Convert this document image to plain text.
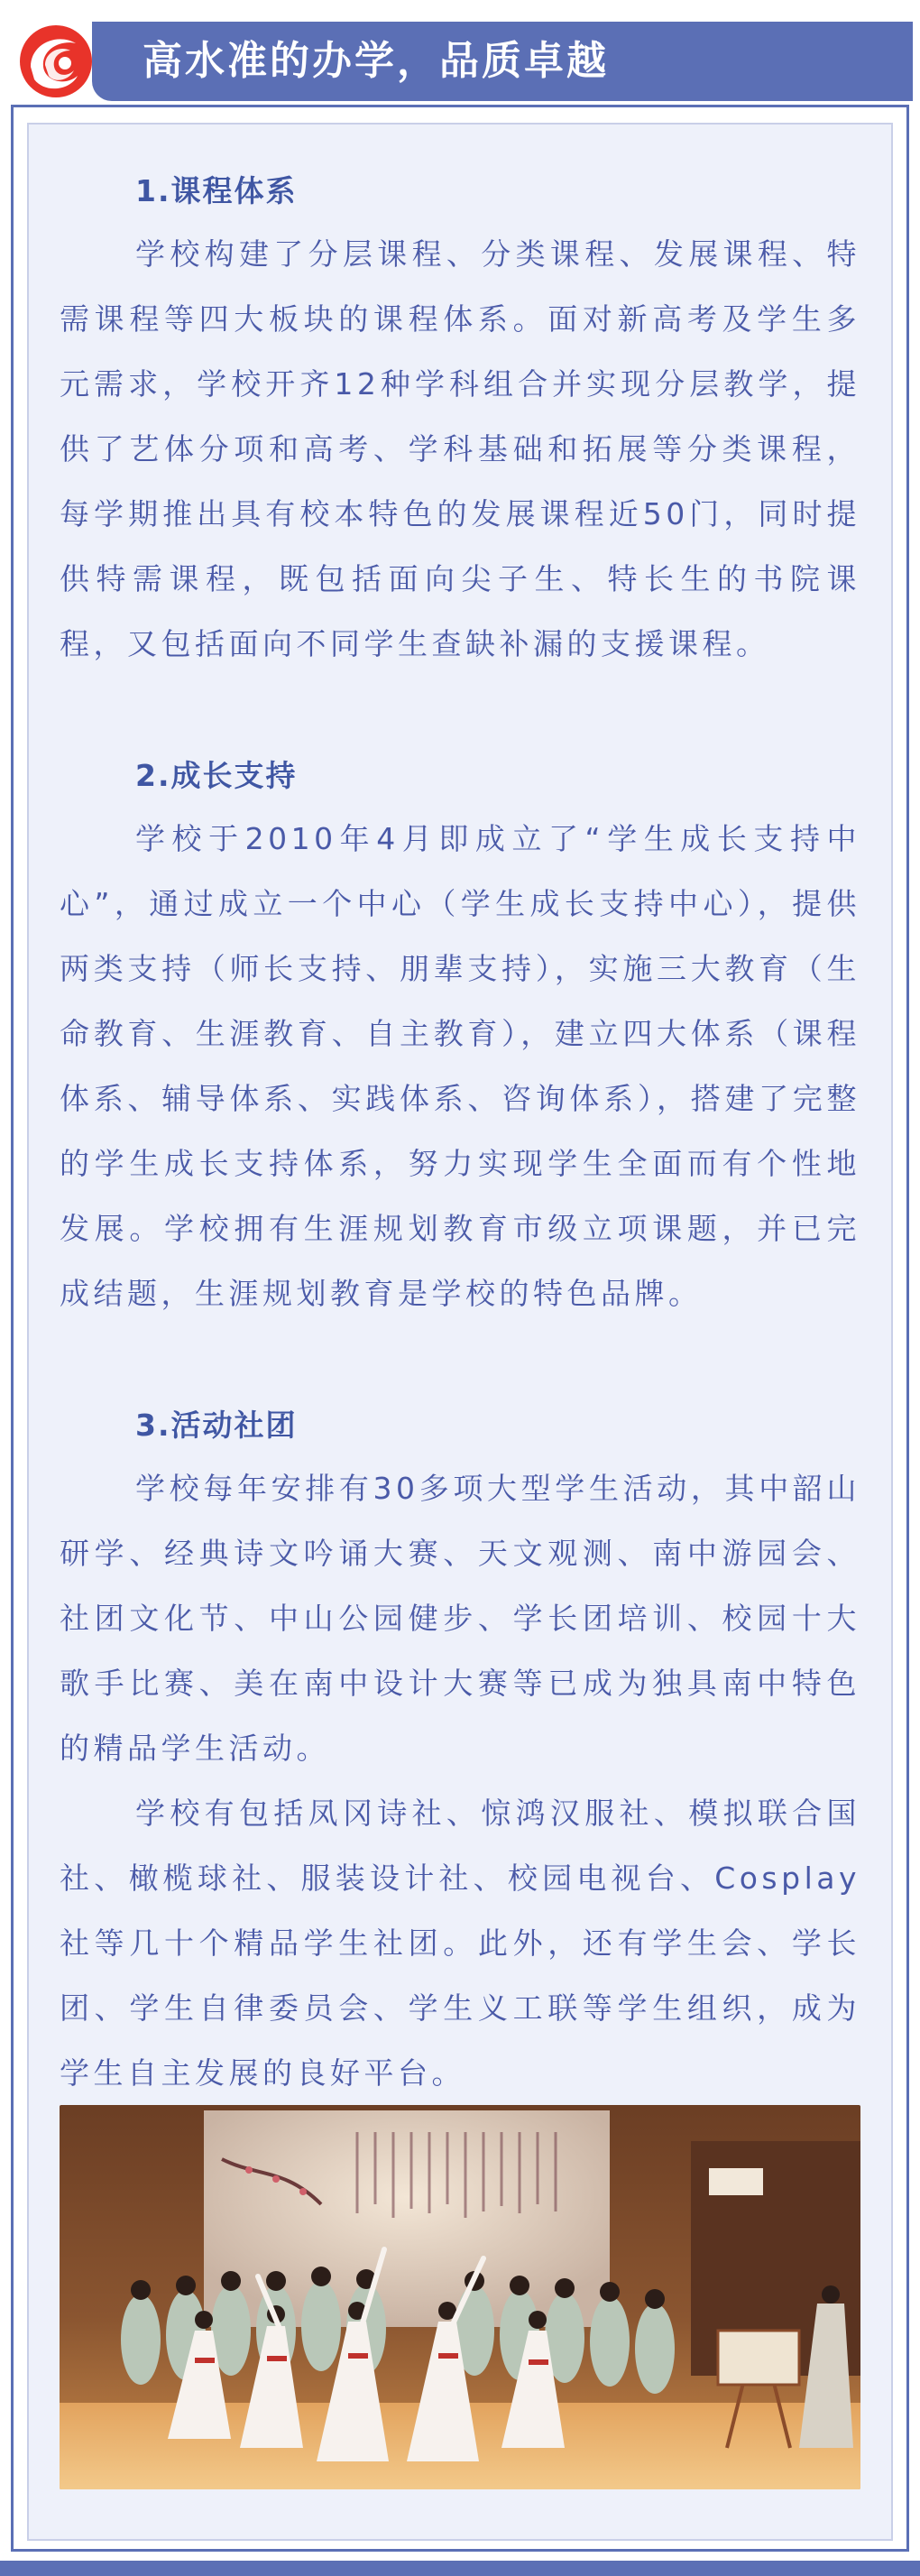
高水准的办学，品质卓越
1.课程体系

学校构建了分层课程、分类课程、发展课程、特需课程等四大板块的课程体系。面对新高考及学生多元需求，学校开齐12种学科组合并实现分层教学，提供了艺体分项和高考、学科基础和拓展等分类课程，每学期推出具有校本特色的发展课程近50门，同时提供特需课程，既包括面向尖子生、特长生的书院课程，又包括面向不同学生查缺补漏的支援课程。

2.成长支持

学校于2010年4月即成立了“学生成长支持中心”，通过成立一个中心（学生成长支持中心），提供两类支持（师长支持、朋辈支持），实施三大教育（生命教育、生涯教育、自主教育），建立四大体系（课程体系、辅导体系、实践体系、咨询体系），搭建了完整的学生成长支持体系，努力实现学生全面而有个性地发展。学校拥有生涯规划教育市级立项课题，并已完成结题，生涯规划教育是学校的特色品牌。

3.活动社团

学校每年安排有30多项大型学生活动，其中韶山研学、经典诗文吟诵大赛、天文观测、南中游园会、社团文化节、中山公园健步、学长团培训、校园十大歌手比赛、美在南中设计大赛等已成为独具南中特色的精品学生活动。

学校有包括凤冈诗社、惊鸿汉服社、模拟联合国社、橄榄球社、服装设计社、校园电视台、Cosplay社等几十个精品学生社团。此外，还有学生会、学长团、学生自律委员会、学生义工联等学生组织，成为学生自主发展的良好平台。
